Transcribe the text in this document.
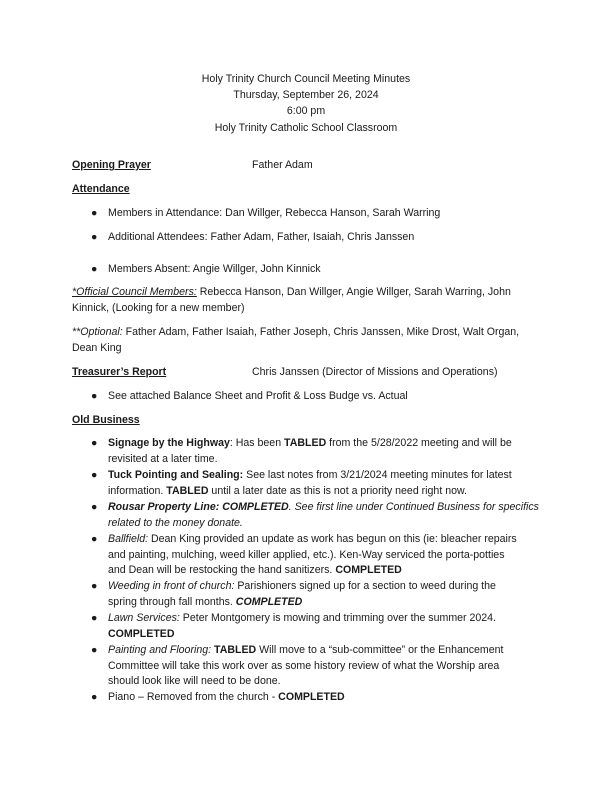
Holy Trinity Church Council Meeting Minutes
Thursday, September 26, 2024
6:00 pm
Holy Trinity Catholic School Classroom
Opening Prayer	Father Adam
Attendance
● Members in Attendance: Dan Willger, Rebecca Hanson, Sarah Warring
● Additional Attendees: Father Adam, Father, Isaiah, Chris Janssen
● Members Absent: Angie Willger, John Kinnick
*Official Council Members: Rebecca Hanson, Dan Willger, Angie Willger, Sarah Warring, John
Kinnick, (Looking for a new member)
**Optional: Father Adam, Father Isaiah, Father Joseph, Chris Janssen, Mike Drost, Walt Organ,
Dean King
Treasurer’s Report	Chris Janssen (Director of Missions and Operations)
● See attached Balance Sheet and Profit & Loss Budge vs. Actual
Old Business
● Signage by the Highway: Has been TABLED from the 5/28/2022 meeting and will be
revisited at a later time.
● Tuck Pointing and Sealing: See last notes from 3/21/2024 meeting minutes for latest
information. TABLED until a later date as this is not a priority need right now.
● Rousar Property Line: COMPLETED. See first line under Continued Business for specifics
related to the money donate.
● Ballfield: Dean King provided an update as work has begun on this (ie: bleacher repairs
and painting, mulching, weed killer applied, etc.). Ken-Way serviced the porta-potties
and Dean will be restocking the hand sanitizers. COMPLETED
● Weeding in front of church: Parishioners signed up for a section to weed during the
spring through fall months. COMPLETED
● Lawn Services: Peter Montgomery is mowing and trimming over the summer 2024.
COMPLETED
● Painting and Flooring: TABLED Will move to a “sub-committee” or the Enhancement
Committee will take this work over as some history review of what the Worship area
should look like will need to be done.
● Piano – Removed from the church - COMPLETED
